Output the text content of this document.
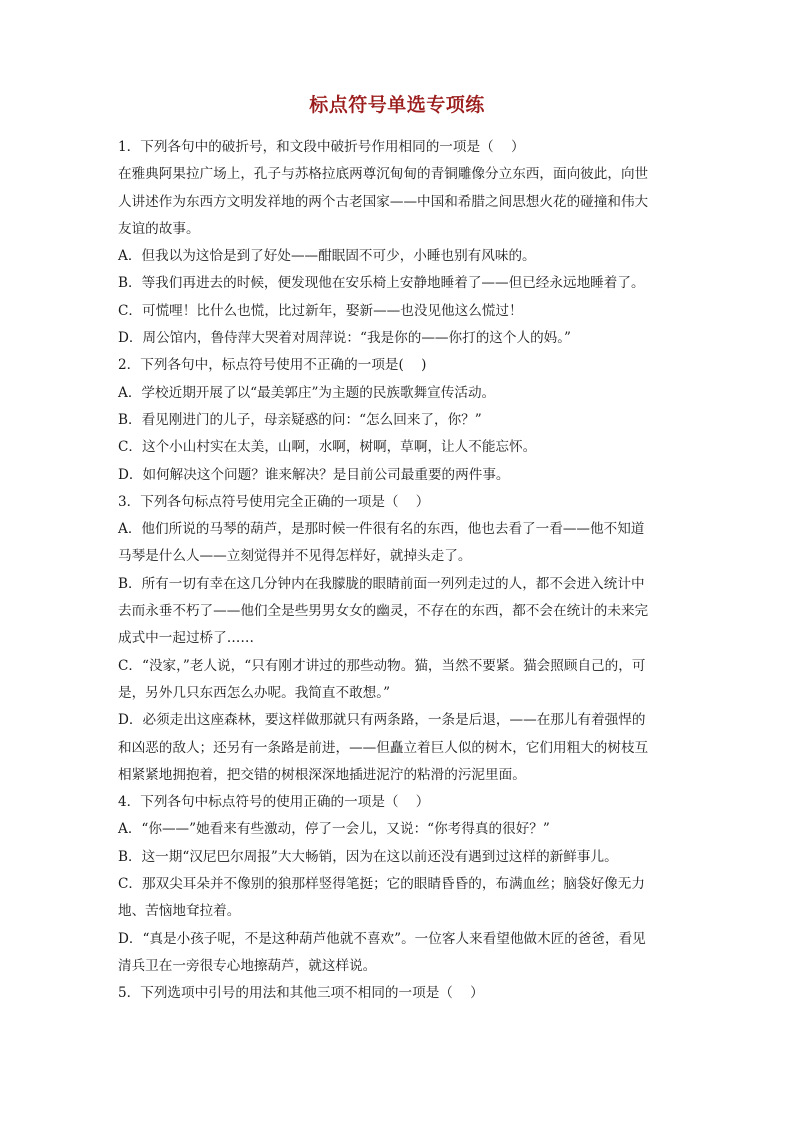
标点符号单选专项练

1．下列各句中的破折号，和文段中破折号作用相同的一项是（    ）

在雅典阿果拉广场上，孔子与苏格拉底两尊沉甸甸的青铜雕像分立东西，面向彼此，向世

人讲述作为东西方文明发祥地的两个古老国家——中国和希腊之间思想火花的碰撞和伟大

友谊的故事。

A．但我以为这恰是到了好处——酣眠固不可少，小睡也别有风味的。

B．等我们再进去的时候，便发现他在安乐椅上安静地睡着了——但已经永远地睡着了。

C．可慌哩！比什么也慌，比过新年，娶新——也没见他这么慌过！

D．周公馆内，鲁侍萍大哭着对周萍说：“我是你的——你打的这个人的妈。”

2．下列各句中，标点符号使用不正确的一项是(    )

A．学校近期开展了以“最美郭庄”为主题的民族歌舞宣传活动。

B．看见刚进门的儿子，母亲疑惑的问：“怎么回来了，你？”

C．这个小山村实在太美，山啊，水啊，树啊，草啊，让人不能忘怀。

D．如何解决这个问题？谁来解决？是目前公司最重要的两件事。

3．下列各句标点符号使用完全正确的一项是（    ）

A．他们所说的马琴的葫芦，是那时候一件很有名的东西，他也去看了一看——他不知道

马琴是什么人——立刻觉得并不见得怎样好，就掉头走了。

B．所有一切有幸在这几分钟内在我朦胧的眼睛前面一列列走过的人，都不会进入统计中

去而永垂不朽了——他们全是些男男女女的幽灵，不存在的东西，都不会在统计的未来完

成式中一起过桥了……

C．“没家，”老人说，“只有刚才讲过的那些动物。猫，当然不要紧。猫会照顾自己的，可

是，另外几只东西怎么办呢。我简直不敢想。”

D．必须走出这座森林，要这样做那就只有两条路，一条是后退，——在那儿有着强悍的

和凶恶的敌人；还另有一条路是前进，——但矗立着巨人似的树木，它们用粗大的树枝互

相紧紧地拥抱着，把交错的树根深深地插进泥泞的粘滑的污泥里面。

4．下列各句中标点符号的使用正确的一项是（    ）

A．“你——”她看来有些激动，停了一会儿，又说：“你考得真的很好？”

B．这一期“汉尼巴尔周报”大大畅销，因为在这以前还没有遇到过这样的新鲜事儿。

C．那双尖耳朵并不像别的狼那样竖得笔挺；它的眼睛昏昏的，布满血丝；脑袋好像无力

地、苦恼地耷拉着。

D．“真是小孩子呢，不是这种葫芦他就不喜欢”。一位客人来看望他做木匠的爸爸，看见

清兵卫在一旁很专心地擦葫芦，就这样说。

5．下列选项中引号的用法和其他三项不相同的一项是（    ）
